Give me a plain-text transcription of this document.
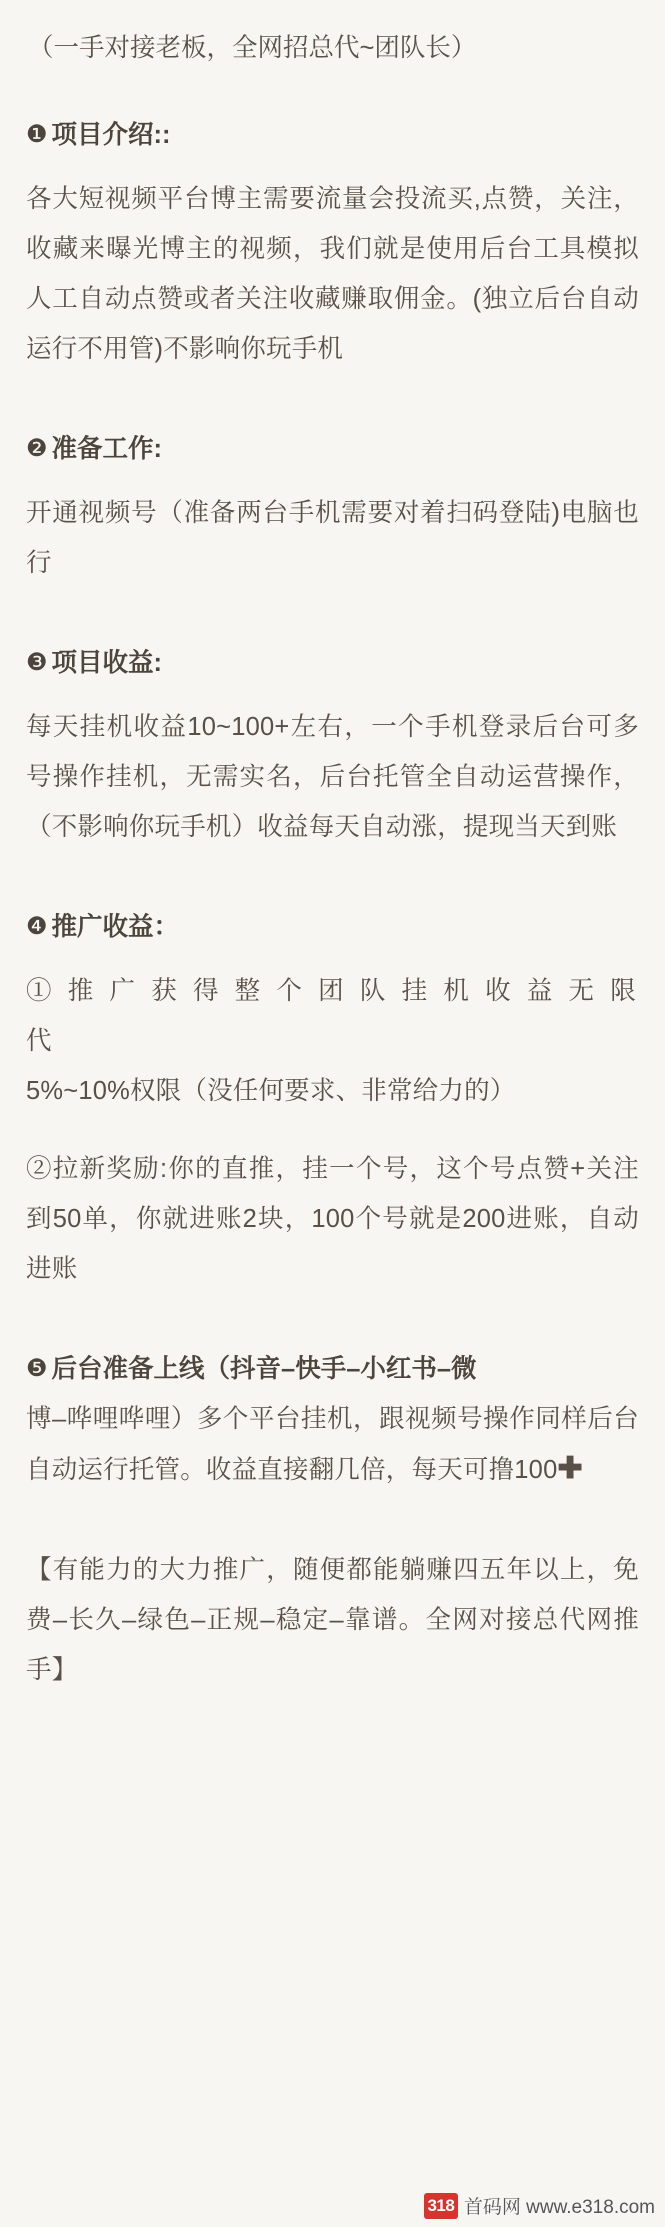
（一手对接老板，全网招总代~团队长）
❶ 项目介绍::
各大短视频平台博主需要流量会投流买,点赞，关注，收藏来曝光博主的视频，我们就是使用后台工具模拟人工自动点赞或者关注收藏赚取佣金。(独立后台自动运行不用管)不影响你玩手机
❷ 准备工作:
开通视频号（准备两台手机需要对着扫码登陆)电脑也行
❸ 项目收益:
每天挂机收益10~100+左右，一个手机登录后台可多号操作挂机，无需实名，后台托管全自动运营操作，（不影响你玩手机）收益每天自动涨，提现当天到账
❹ 推广收益：
① 推 广 获 得 整 个 团 队 挂 机 收 益 无 限 代
5%~10%权限（没任何要求、非常给力的）
②拉新奖励:你的直推，挂一个号，这个号点赞+关注到50单，你就进账2块，100个号就是200进账，自动进账
❺ 后台准备上线（抖音–快手–小红书–微
博–哗哩哗哩）多个平台挂机，跟视频号操作同样后台自动运行托管。收益直接翻几倍，每天可撸100✚
【有能力的大力推广，随便都能躺赚四五年以上，免费–长久–绿色–正规–稳定–靠谱。全网对接总代网推手】
318 首码网 www.e318.com
